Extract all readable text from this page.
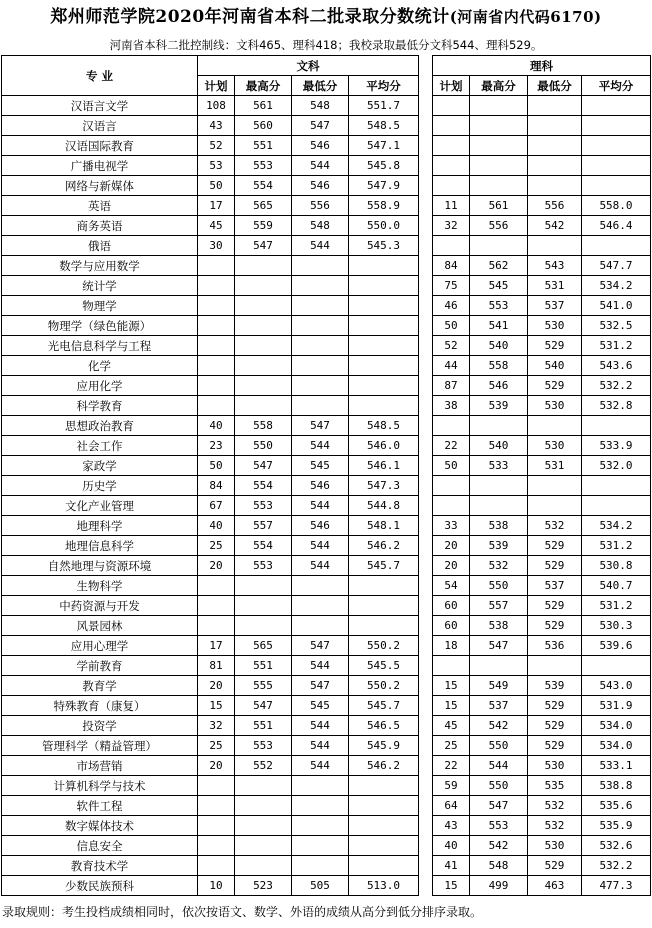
郑州师范学院2020年河南省本科二批录取分数统计(河南省内代码6170)
河南省本科二批控制线：文科465、理科418；我校录取最低分文科544、理科529。
专 业	文科					理科			
	计划	最高分	最低分	平均分		计划	最高分	最低分	平均分
汉语言文学	108	561	548	551.7					
汉语言	43	560	547	548.5					
汉语国际教育	52	551	546	547.1					
广播电视学	53	553	544	545.8					
网络与新媒体	50	554	546	547.9					
英语	17	565	556	558.9		11	561	556	558.0
商务英语	45	559	548	550.0		32	556	542	546.4
俄语	30	547	544	545.3					
数学与应用数学						84	562	543	547.7
统计学						75	545	531	534.2
物理学						46	553	537	541.0
物理学（绿色能源）						50	541	530	532.5
光电信息科学与工程						52	540	529	531.2
化学						44	558	540	543.6
应用化学						87	546	529	532.2
科学教育						38	539	530	532.8
思想政治教育	40	558	547	548.5					
社会工作	23	550	544	546.0		22	540	530	533.9
家政学	50	547	545	546.1		50	533	531	532.0
历史学	84	554	546	547.3					
文化产业管理	67	553	544	544.8					
地理科学	40	557	546	548.1		33	538	532	534.2
地理信息科学	25	554	544	546.2		20	539	529	531.2
自然地理与资源环境	20	553	544	545.7		20	532	529	530.8
生物科学						54	550	537	540.7
中药资源与开发						60	557	529	531.2
风景园林						60	538	529	530.3
应用心理学	17	565	547	550.2		18	547	536	539.6
学前教育	81	551	544	545.5					
教育学	20	555	547	550.2		15	549	539	543.0
特殊教育（康复）	15	547	545	545.7		15	537	529	531.9
投资学	32	551	544	546.5		45	542	529	534.0
管理科学（精益管理）	25	553	544	545.9		25	550	529	534.0
市场营销	20	552	544	546.2		22	544	530	533.1
计算机科学与技术						59	550	535	538.8
软件工程						64	547	532	535.6
数字媒体技术						43	553	532	535.9
信息安全						40	542	530	532.6
教育技术学						41	548	529	532.2
少数民族预科	10	523	505	513.0		15	499	463	477.3
录取规则：考生投档成绩相同时，依次按语文、数学、外语的成绩从高分到低分排序录取。
